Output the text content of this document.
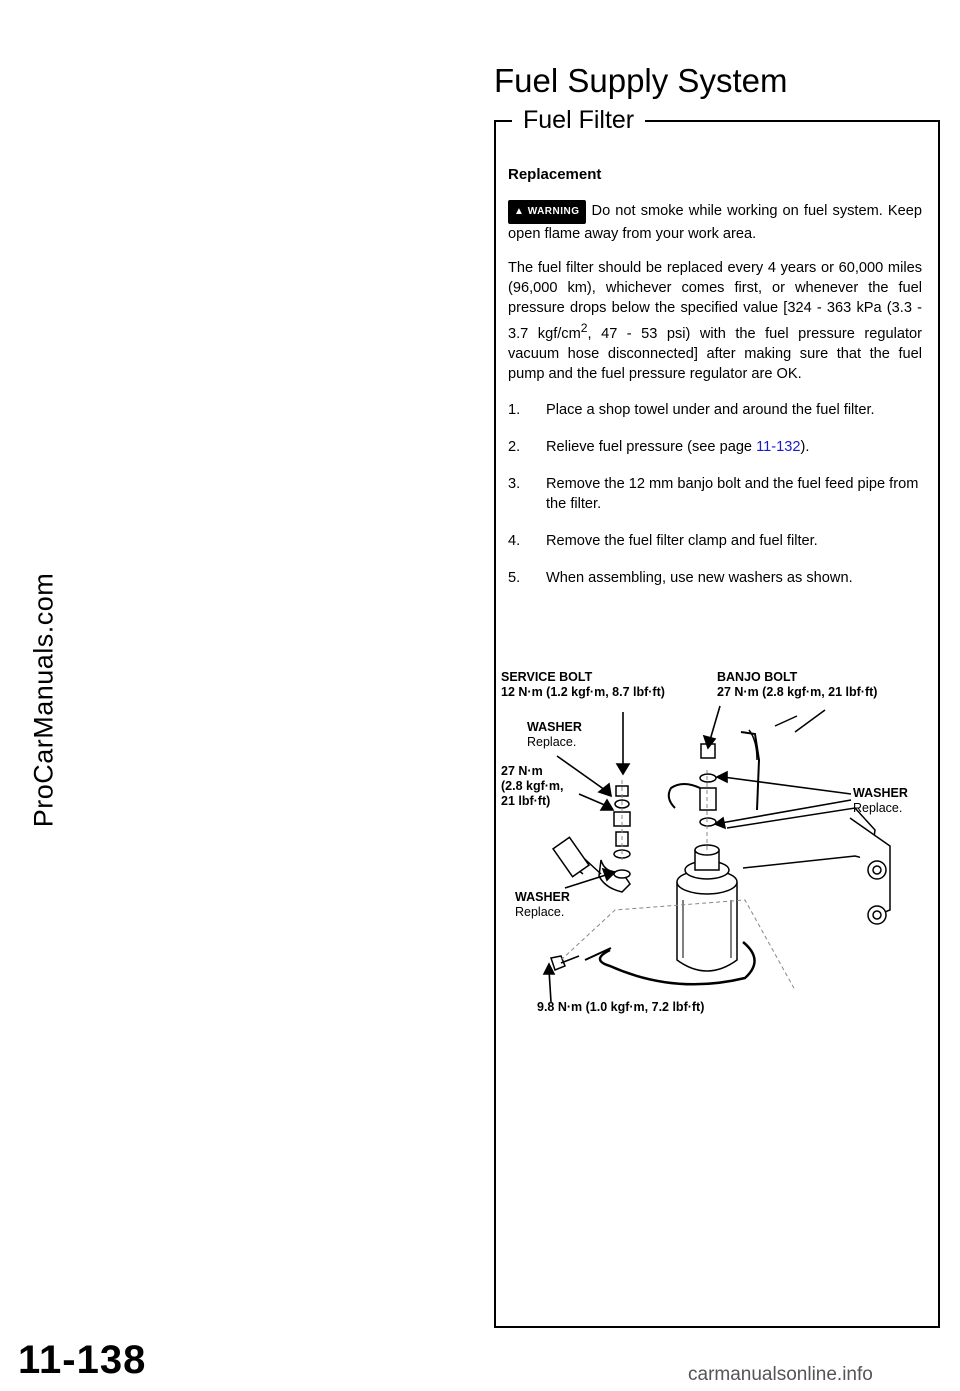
ProCarManuals.com
Fuel Supply System
Fuel Filter
Replacement

▲ WARNING Do not smoke while working on fuel system. Keep open flame away from your work area.

The fuel filter should be replaced every 4 years or 60,000 miles (96,000 km), whichever comes first, or whenever the fuel pressure drops below the specified value [324 - 363 kPa (3.3 - 3.7 kgf/$cm^2$, 47 - 53 psi) with the fuel pressure regulator vacuum hose disconnected] after making sure that the fuel pump and the fuel pressure regulator are OK.

1.	Place a shop towel under and around the fuel filter.
2.	Relieve fuel pressure (see page 11-132).
3.	Remove the 12 mm banjo bolt and the fuel feed pipe from the filter.
4.	Remove the fuel filter clamp and fuel filter.
5.	When assembling, use new washers as shown.
SERVICE BOLT
12 N·m (1.2 kgf·m, 8.7 lbf·ft)
BANJO BOLT
27 N·m (2.8 kgf·m, 21 lbf·ft)
WASHER
Replace.
27 N·m
(2.8 kgf·m,
21 lbf·ft)
WASHER
Replace.
WASHER
Replace.
9.8 N·m (1.0 kgf·m, 7.2 lbf·ft)
11-138	carmanualsonline.info
